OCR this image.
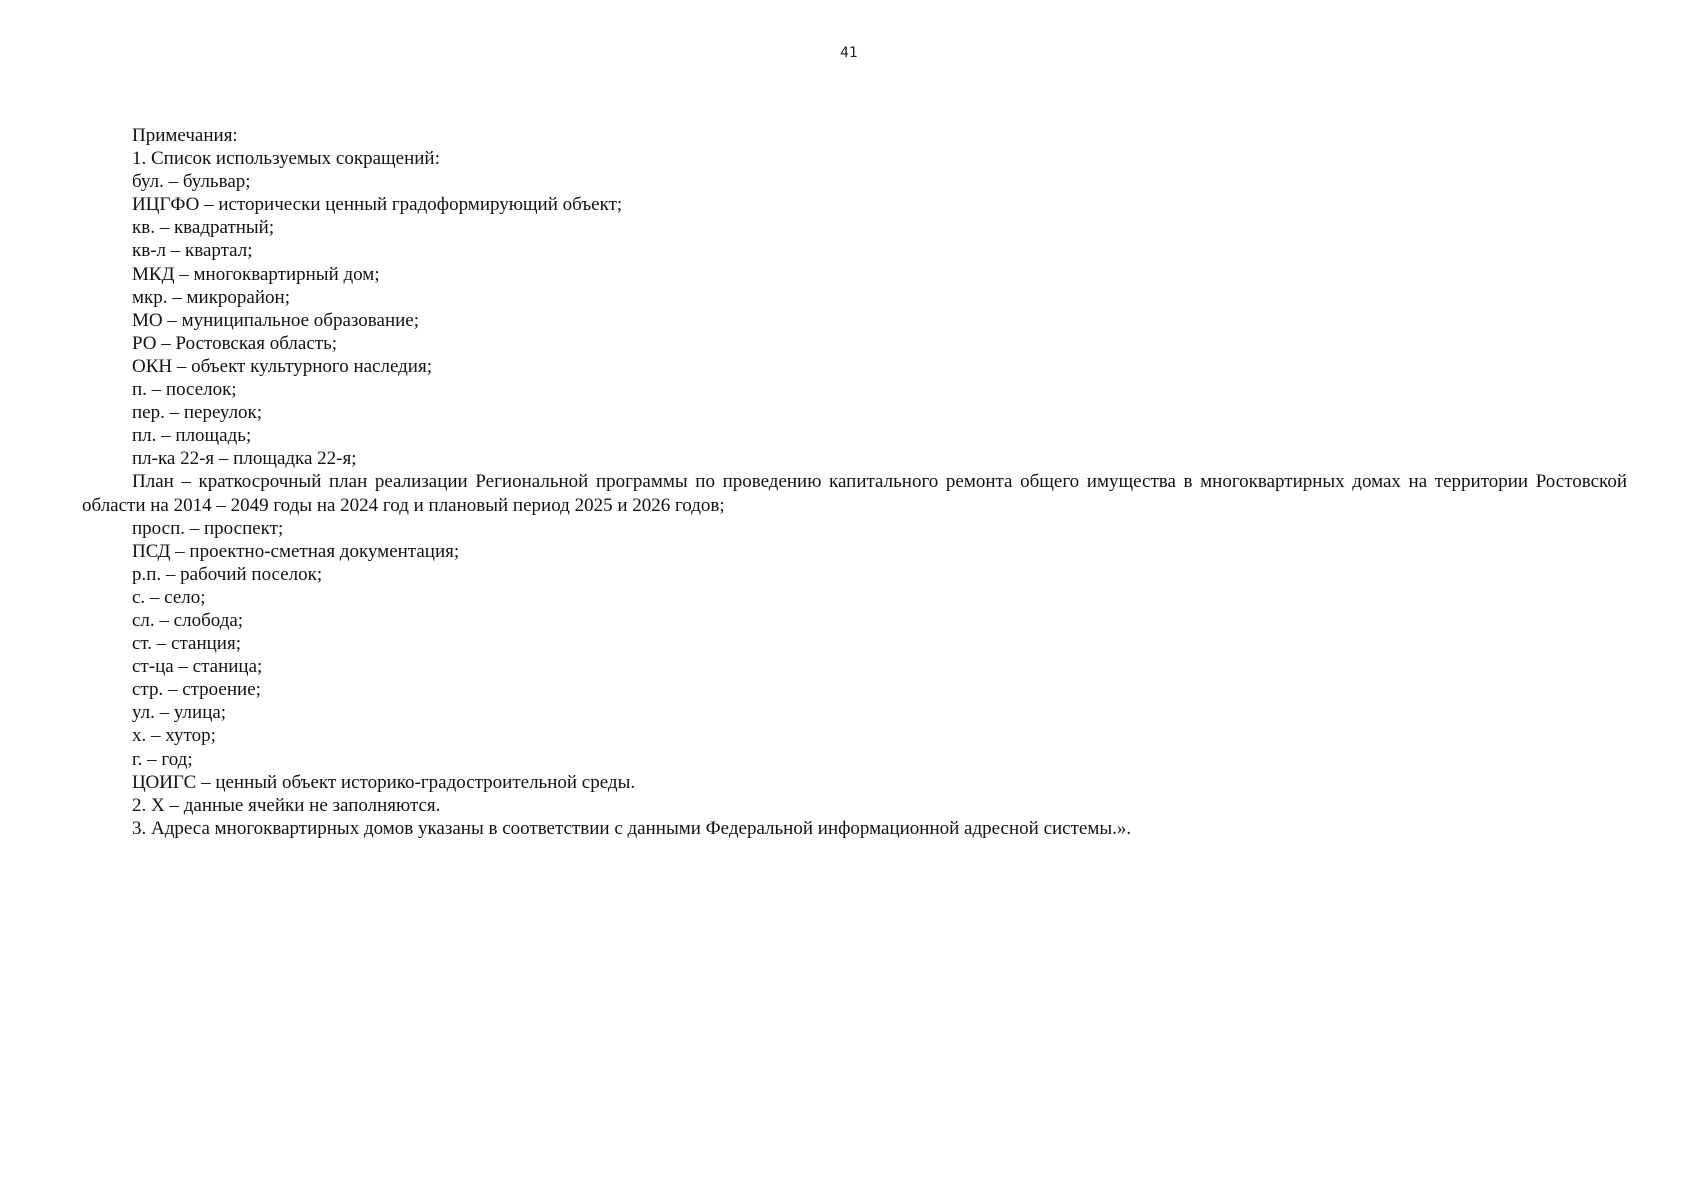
41
Примечания:
1. Список используемых сокращений:
бул. – бульвар;
ИЦГФО – исторически ценный градоформирующий объект;
кв. – квадратный;
кв-л – квартал;
МКД – многоквартирный дом;
мкр. – микрорайон;
МО – муниципальное образование;
РО – Ростовская область;
ОКН – объект культурного наследия;
п. – поселок;
пер. – переулок;
пл. – площадь;
пл-ка 22-я – площадка 22-я;
План – краткосрочный план реализации Региональной программы по проведению капитального ремонта общего имущества в многоквартирных домах на территории Ростовской области на 2014 – 2049 годы на 2024 год и плановый период 2025 и 2026 годов;
просп. – проспект;
ПСД – проектно-сметная документация;
р.п. – рабочий поселок;
с. – село;
сл. – слобода;
ст. – станция;
ст-ца – станица;
стр. – строение;
ул. – улица;
х. – хутор;
г. – год;
ЦОИГС – ценный объект историко-градостроительной среды.
2. Х – данные ячейки не заполняются.
3. Адреса многоквартирных домов указаны в соответствии с данными Федеральной информационной адресной системы.».
